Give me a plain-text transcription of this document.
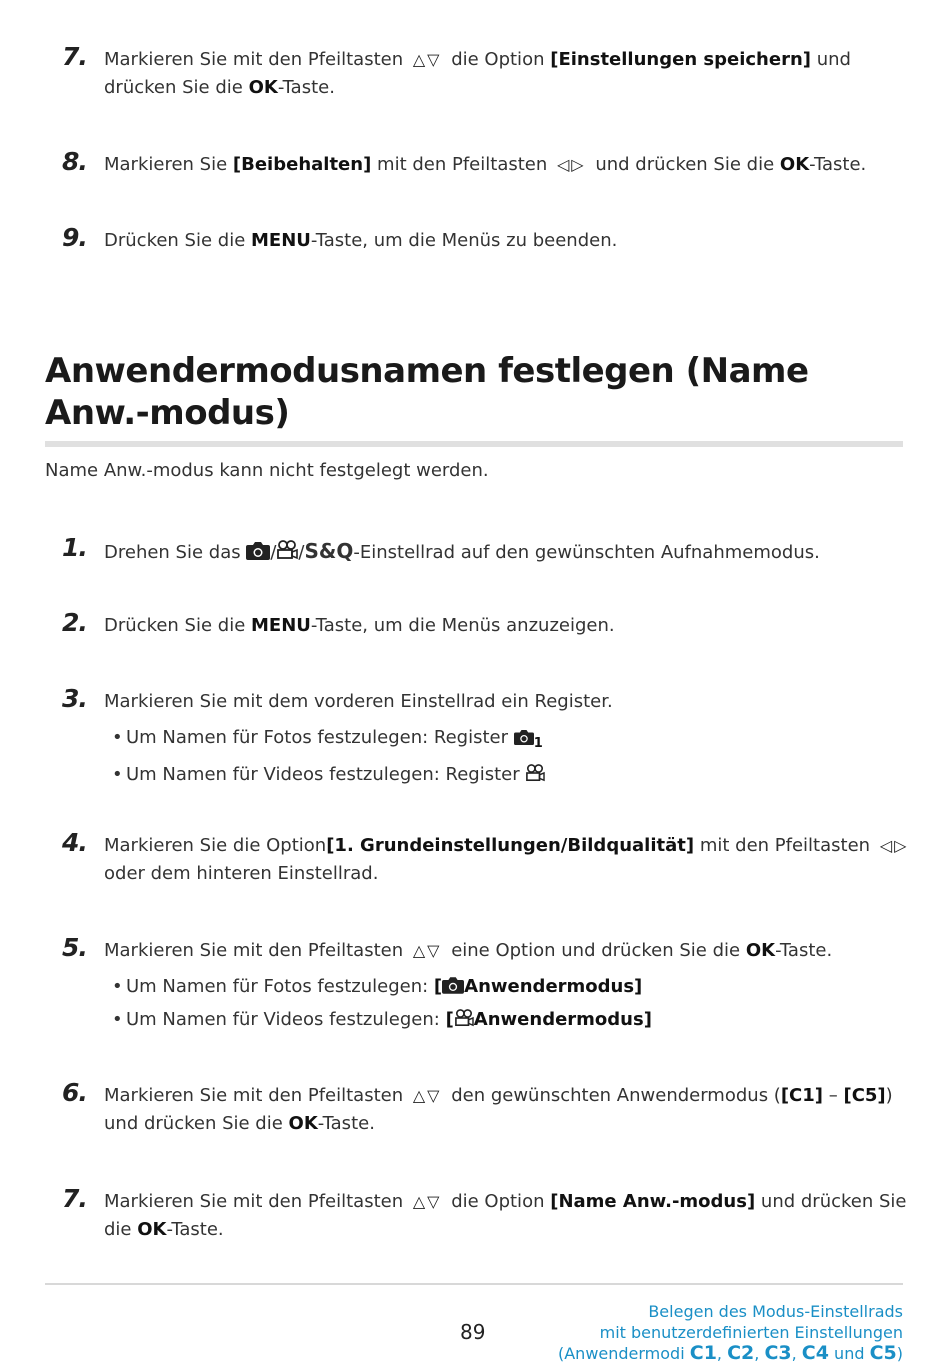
7. Markieren Sie mit den Pfeiltasten △▽ die Option [Einstellungen speichern] und drücken Sie die OK-Taste.
8. Markieren Sie [Beibehalten] mit den Pfeiltasten ◁▷ und drücken Sie die OK-Taste.
9. Drücken Sie die MENU-Taste, um die Menüs zu beenden.
Anwendermodusnamen festlegen (Name Anw.-modus)
Name Anw.-modus kann nicht festgelegt werden.
1. Drehen Sie das / /S&Q-Einstellrad auf den gewünschten Aufnahmemodus.
2. Drücken Sie die MENU-Taste, um die Menüs anzuzeigen.
3. Markieren Sie mit dem vorderen Einstellrad ein Register.
• Um Namen für Fotos festzulegen: Register $_1$
• Um Namen für Videos festzulegen: Register
4. Markieren Sie die Option[1. Grundeinstellungen/Bildqualität] mit den Pfeiltasten ◁▷ oder dem hinteren Einstellrad.
5. Markieren Sie mit den Pfeiltasten △▽ eine Option und drücken Sie die OK-Taste.
• Um Namen für Fotos festzulegen: [ Anwendermodus]
• Um Namen für Videos festzulegen: [ Anwendermodus]
6. Markieren Sie mit den Pfeiltasten △▽ den gewünschten Anwendermodus ([C1] – [C5]) und drücken Sie die OK-Taste.
7. Markieren Sie mit den Pfeiltasten △▽ die Option [Name Anw.-modus] und drücken Sie die OK-Taste.
89
Belegen des Modus-Einstellrads
mit benutzerdefinierten Einstellungen
(Anwendermodi C1, C2, C3, C4 und C5)
